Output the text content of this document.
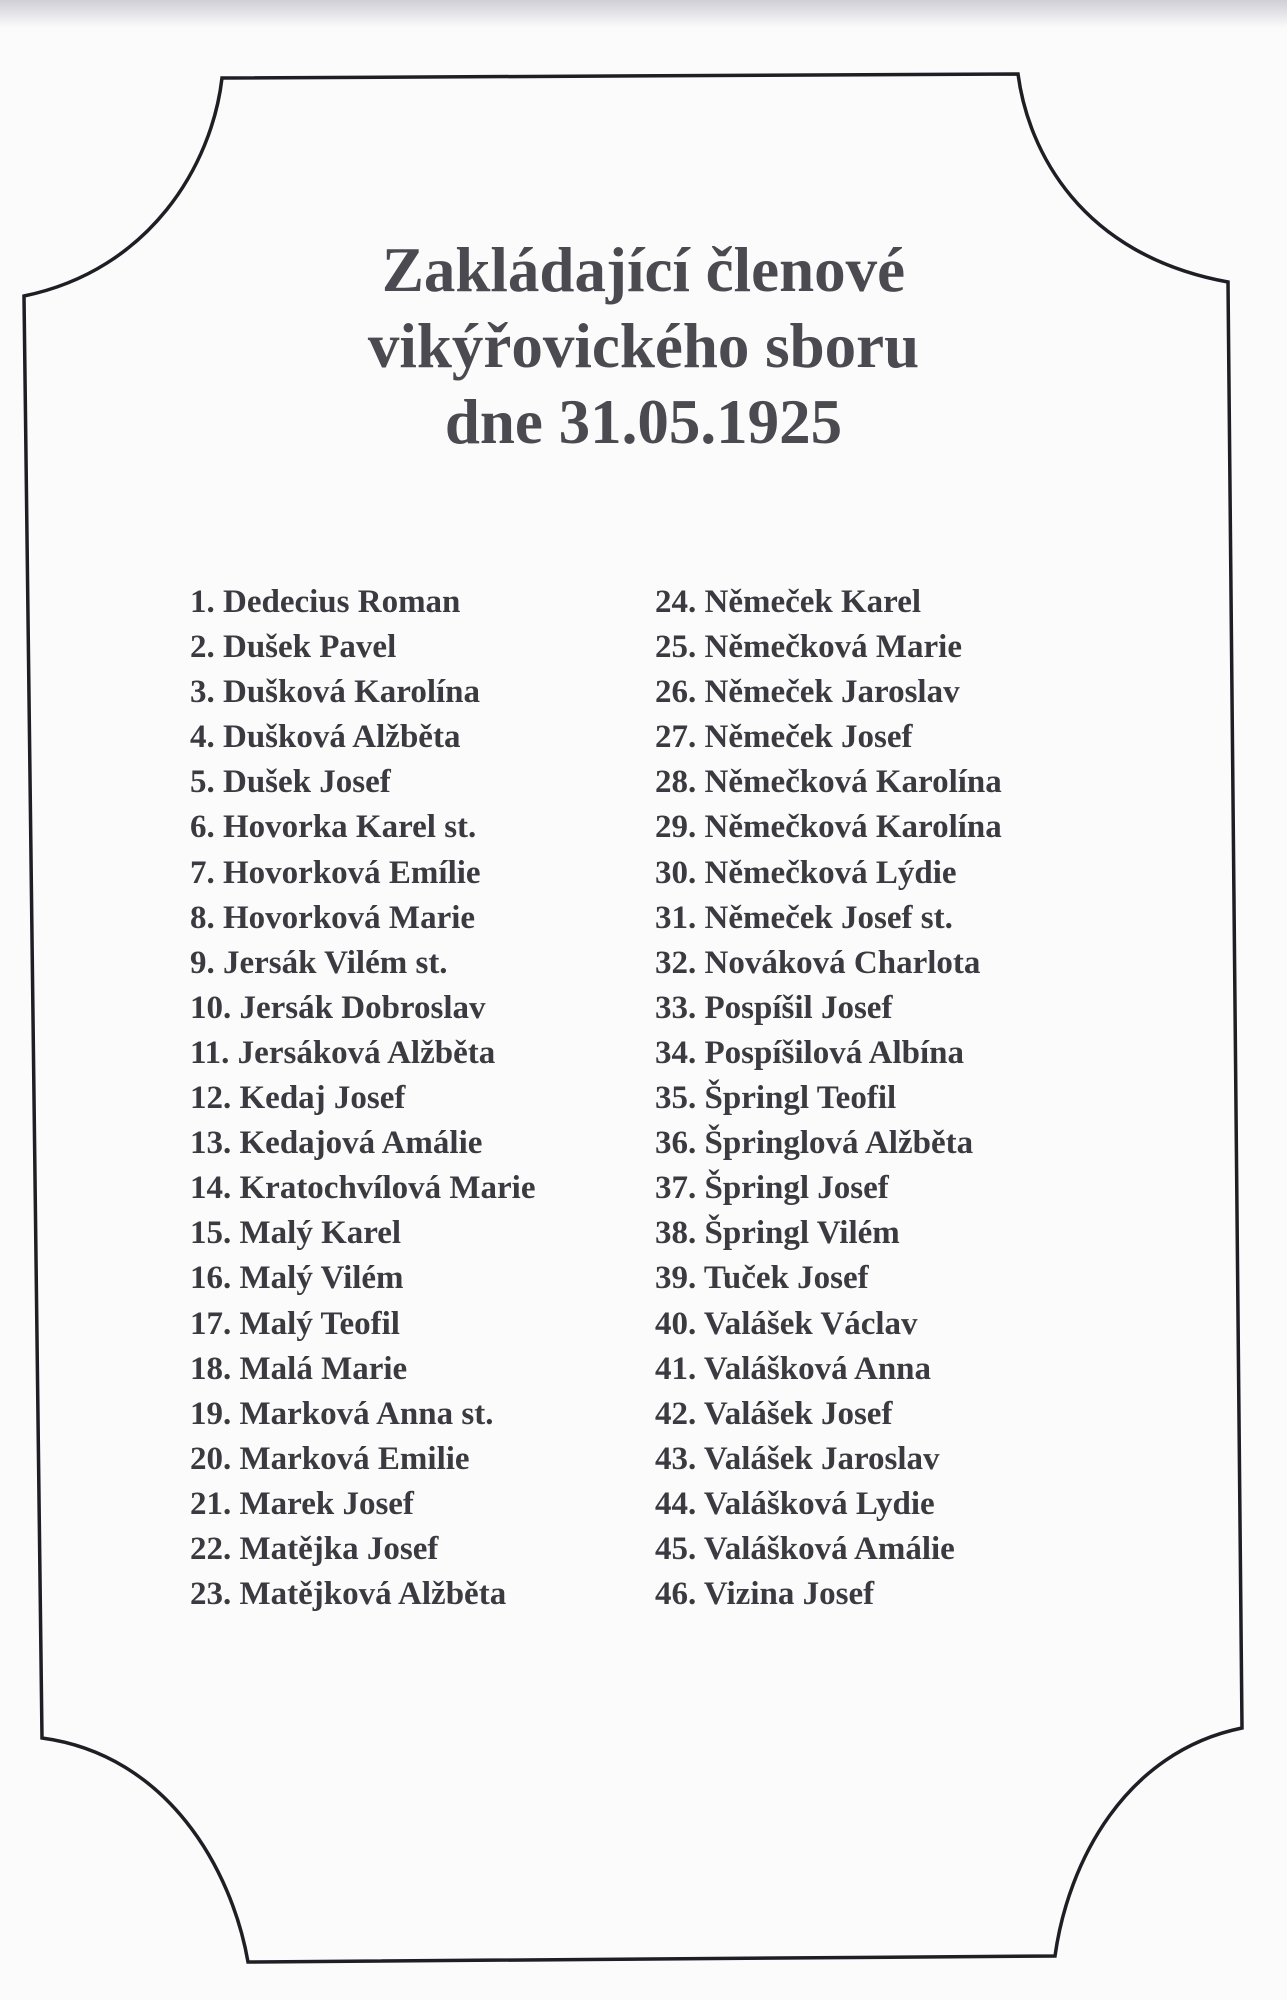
Zakládající členové
vikýřovického sboru
dne 31.05.1925
1. Dedecius Roman
2. Dušek Pavel
3. Dušková Karolína
4. Dušková Alžběta
5. Dušek Josef
6. Hovorka Karel st.
7. Hovorková Emílie
8. Hovorková Marie
9. Jersák Vilém st.
10. Jersák Dobroslav
11. Jersáková Alžběta
12. Kedaj Josef
13. Kedajová Amálie
14. Kratochvílová Marie
15. Malý Karel
16. Malý Vilém
17. Malý Teofil
18. Malá Marie
19. Marková Anna st.
20. Marková Emilie
21. Marek Josef
22. Matějka Josef
23. Matějková Alžběta
24. Němeček Karel
25. Němečková Marie
26. Němeček Jaroslav
27. Němeček Josef
28. Němečková Karolína
29. Němečková Karolína
30. Němečková Lýdie
31. Němeček Josef st.
32. Nováková Charlota
33. Pospíšil Josef
34. Pospíšilová Albína
35. Špringl Teofil
36. Špringlová Alžběta
37. Špringl Josef
38. Špringl Vilém
39. Tuček Josef
40. Valášek Václav
41. Valášková Anna
42. Valášek Josef
43. Valášek Jaroslav
44. Valášková Lydie
45. Valášková Amálie
46. Vizina Josef
